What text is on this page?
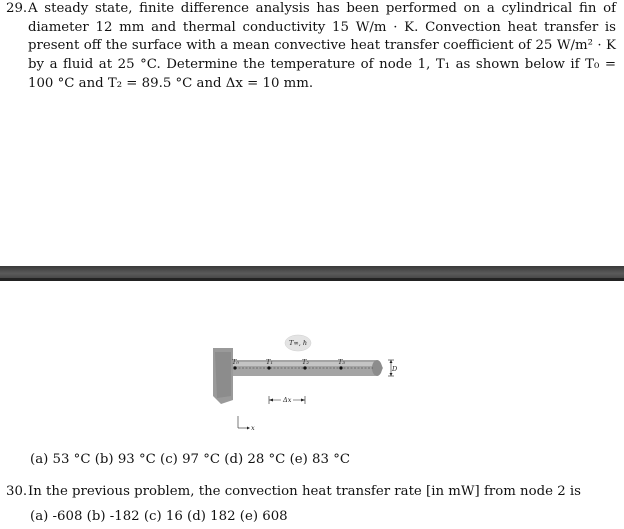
29. A steady state, finite difference analysis has been performed on a cylindrical fin of diameter 12 mm and thermal conductivity 15 W/m · K. Convection heat transfer is present off the surface with a mean convective heat transfer coefficient of 25 W/m² · K by a fluid at 25 °C. Determine the temperature of node 1, T₁ as shown below if T₀ = 100 °C and T₂ = 89.5 °C and Δx = 10 mm.
T₀	T₁	T₂	T₃
T∞, h
Δx
D
x
(a) 53 °C (b) 93 °C (c) 97 °C (d) 28 °C (e) 83 °C
30. In the previous problem, the convection heat transfer rate [in mW] from node 2 is
(a) -608 (b) -182 (c) 16 (d) 182 (e) 608
